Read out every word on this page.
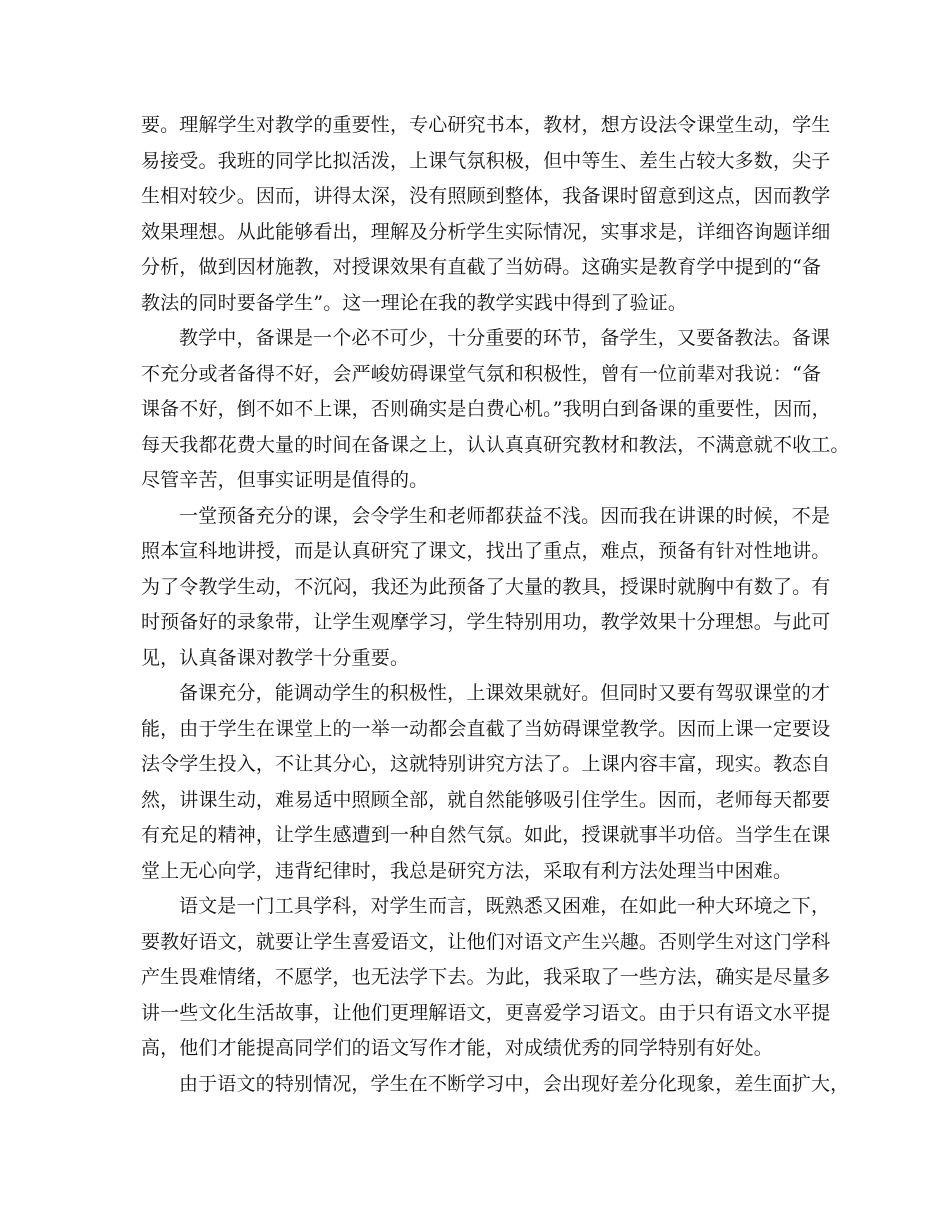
要。理解学生对教学的重要性，专心研究书本，教材，想方设法令课堂生动，学生
易接受。我班的同学比拟活泼，上课气氛积极，但中等生、差生占较大多数，尖子
生相对较少。因而，讲得太深，没有照顾到整体，我备课时留意到这点，因而教学
效果理想。从此能够看出，理解及分析学生实际情况，实事求是，详细咨询题详细
分析，做到因材施教，对授课效果有直截了当妨碍。这确实是教育学中提到的“备
教法的同时要备学生”。这一理论在我的教学实践中得到了验证。
教学中，备课是一个必不可少，十分重要的环节，备学生，又要备教法。备课
不充分或者备得不好，会严峻妨碍课堂气氛和积极性，曾有一位前辈对我说：“备
课备不好，倒不如不上课，否则确实是白费心机。”我明白到备课的重要性，因而，
每天我都花费大量的时间在备课之上，认认真真研究教材和教法，不满意就不收工。
尽管辛苦，但事实证明是值得的。
一堂预备充分的课，会令学生和老师都获益不浅。因而我在讲课的时候，不是
照本宣科地讲授，而是认真研究了课文，找出了重点，难点，预备有针对性地讲。
为了令教学生动，不沉闷，我还为此预备了大量的教具，授课时就胸中有数了。有
时预备好的录象带，让学生观摩学习，学生特别用功，教学效果十分理想。与此可
见，认真备课对教学十分重要。
备课充分，能调动学生的积极性，上课效果就好。但同时又要有驾驭课堂的才
能，由于学生在课堂上的一举一动都会直截了当妨碍课堂教学。因而上课一定要设
法令学生投入，不让其分心，这就特别讲究方法了。上课内容丰富，现实。教态自
然，讲课生动，难易适中照顾全部，就自然能够吸引住学生。因而，老师每天都要
有充足的精神，让学生感遭到一种自然气氛。如此，授课就事半功倍。当学生在课
堂上无心向学，违背纪律时，我总是研究方法，采取有利方法处理当中困难。
语文是一门工具学科，对学生而言，既熟悉又困难，在如此一种大环境之下，
要教好语文，就要让学生喜爱语文，让他们对语文产生兴趣。否则学生对这门学科
产生畏难情绪，不愿学，也无法学下去。为此，我采取了一些方法，确实是尽量多
讲一些文化生活故事，让他们更理解语文，更喜爱学习语文。由于只有语文水平提
高，他们才能提高同学们的语文写作才能，对成绩优秀的同学特别有好处。
由于语文的特别情况，学生在不断学习中，会出现好差分化现象，差生面扩大，
